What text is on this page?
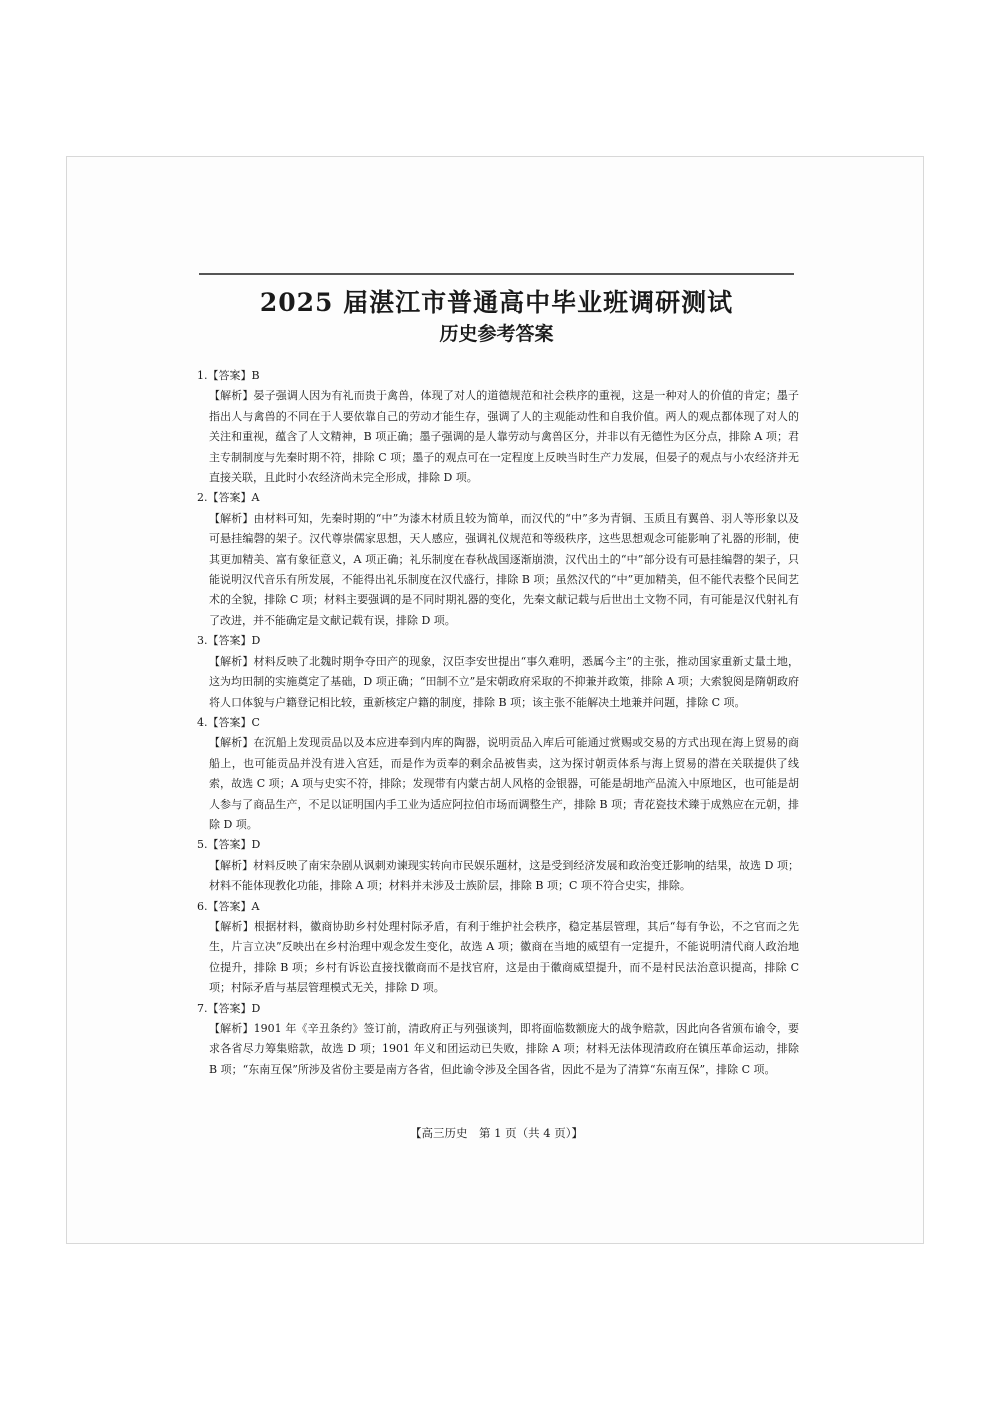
2025 届湛江市普通高中毕业班调研测试
历史参考答案
1.【答案】B
【解析】晏子强调人因为有礼而贵于禽兽，体现了对人的道德规范和社会秩序的重视，这是一种对人的价值的肯定；墨子指出人与禽兽的不同在于人要依靠自己的劳动才能生存，强调了人的主观能动性和自我价值。两人的观点都体现了对人的关注和重视，蕴含了人文精神，B 项正确；墨子强调的是人靠劳动与禽兽区分，并非以有无德性为区分点，排除 A 项；君主专制制度与先秦时期不符，排除 C 项；墨子的观点可在一定程度上反映当时生产力发展，但晏子的观点与小农经济并无直接关联，且此时小农经济尚未完全形成，排除 D 项。
2.【答案】A
【解析】由材料可知，先秦时期的“中”为漆木材质且较为简单，而汉代的“中”多为青铜、玉质且有翼兽、羽人等形象以及可悬挂编磬的架子。汉代尊崇儒家思想，天人感应，强调礼仪规范和等级秩序，这些思想观念可能影响了礼器的形制，使其更加精美、富有象征意义，A 项正确；礼乐制度在春秋战国逐渐崩溃，汉代出土的“中”部分设有可悬挂编磬的架子，只能说明汉代音乐有所发展，不能得出礼乐制度在汉代盛行，排除 B 项；虽然汉代的“中”更加精美，但不能代表整个民间艺术的全貌，排除 C 项；材料主要强调的是不同时期礼器的变化，先秦文献记载与后世出土文物不同，有可能是汉代射礼有了改进，并不能确定是文献记载有误，排除 D 项。
3.【答案】D
【解析】材料反映了北魏时期争夺田产的现象，汉臣李安世提出“事久难明，悉属今主”的主张，推动国家重新丈量土地，这为均田制的实施奠定了基础，D 项正确；“田制不立”是宋朝政府采取的不抑兼并政策，排除 A 项；大索貌阅是隋朝政府将人口体貌与户籍登记相比较，重新核定户籍的制度，排除 B 项；该主张不能解决土地兼并问题，排除 C 项。
4.【答案】C
【解析】在沉船上发现贡品以及本应进奉到内库的陶器，说明贡品入库后可能通过赏赐或交易的方式出现在海上贸易的商船上，也可能贡品并没有进入宫廷，而是作为贡奉的剩余品被售卖，这为探讨朝贡体系与海上贸易的潜在关联提供了线索，故选 C 项；A 项与史实不符，排除；发现带有内蒙古胡人风格的金银器，可能是胡地产品流入中原地区，也可能是胡人参与了商品生产，不足以证明国内手工业为适应阿拉伯市场而调整生产，排除 B 项；青花瓷技术臻于成熟应在元朝，排除 D 项。
5.【答案】D
【解析】材料反映了南宋杂剧从讽刺劝谏现实转向市民娱乐题材，这是受到经济发展和政治变迁影响的结果，故选 D 项；材料不能体现教化功能，排除 A 项；材料并未涉及士族阶层，排除 B 项；C 项不符合史实，排除。
6.【答案】A
【解析】根据材料，徽商协助乡村处理村际矛盾，有利于维护社会秩序，稳定基层管理，其后“每有争讼，不之官而之先生，片言立决”反映出在乡村治理中观念发生变化，故选 A 项；徽商在当地的威望有一定提升，不能说明清代商人政治地位提升，排除 B 项；乡村有诉讼直接找徽商而不是找官府，这是由于徽商威望提升，而不是村民法治意识提高，排除 C 项；村际矛盾与基层管理模式无关，排除 D 项。
7.【答案】D
【解析】1901 年《辛丑条约》签订前，清政府正与列强谈判，即将面临数额庞大的战争赔款，因此向各省颁布谕令，要求各省尽力筹集赔款，故选 D 项；1901 年义和团运动已失败，排除 A 项；材料无法体现清政府在镇压革命运动，排除 B 项；“东南互保”所涉及省份主要是南方各省，但此谕令涉及全国各省，因此不是为了清算“东南互保”，排除 C 项。
【高三历史　第 1 页（共 4 页）】
